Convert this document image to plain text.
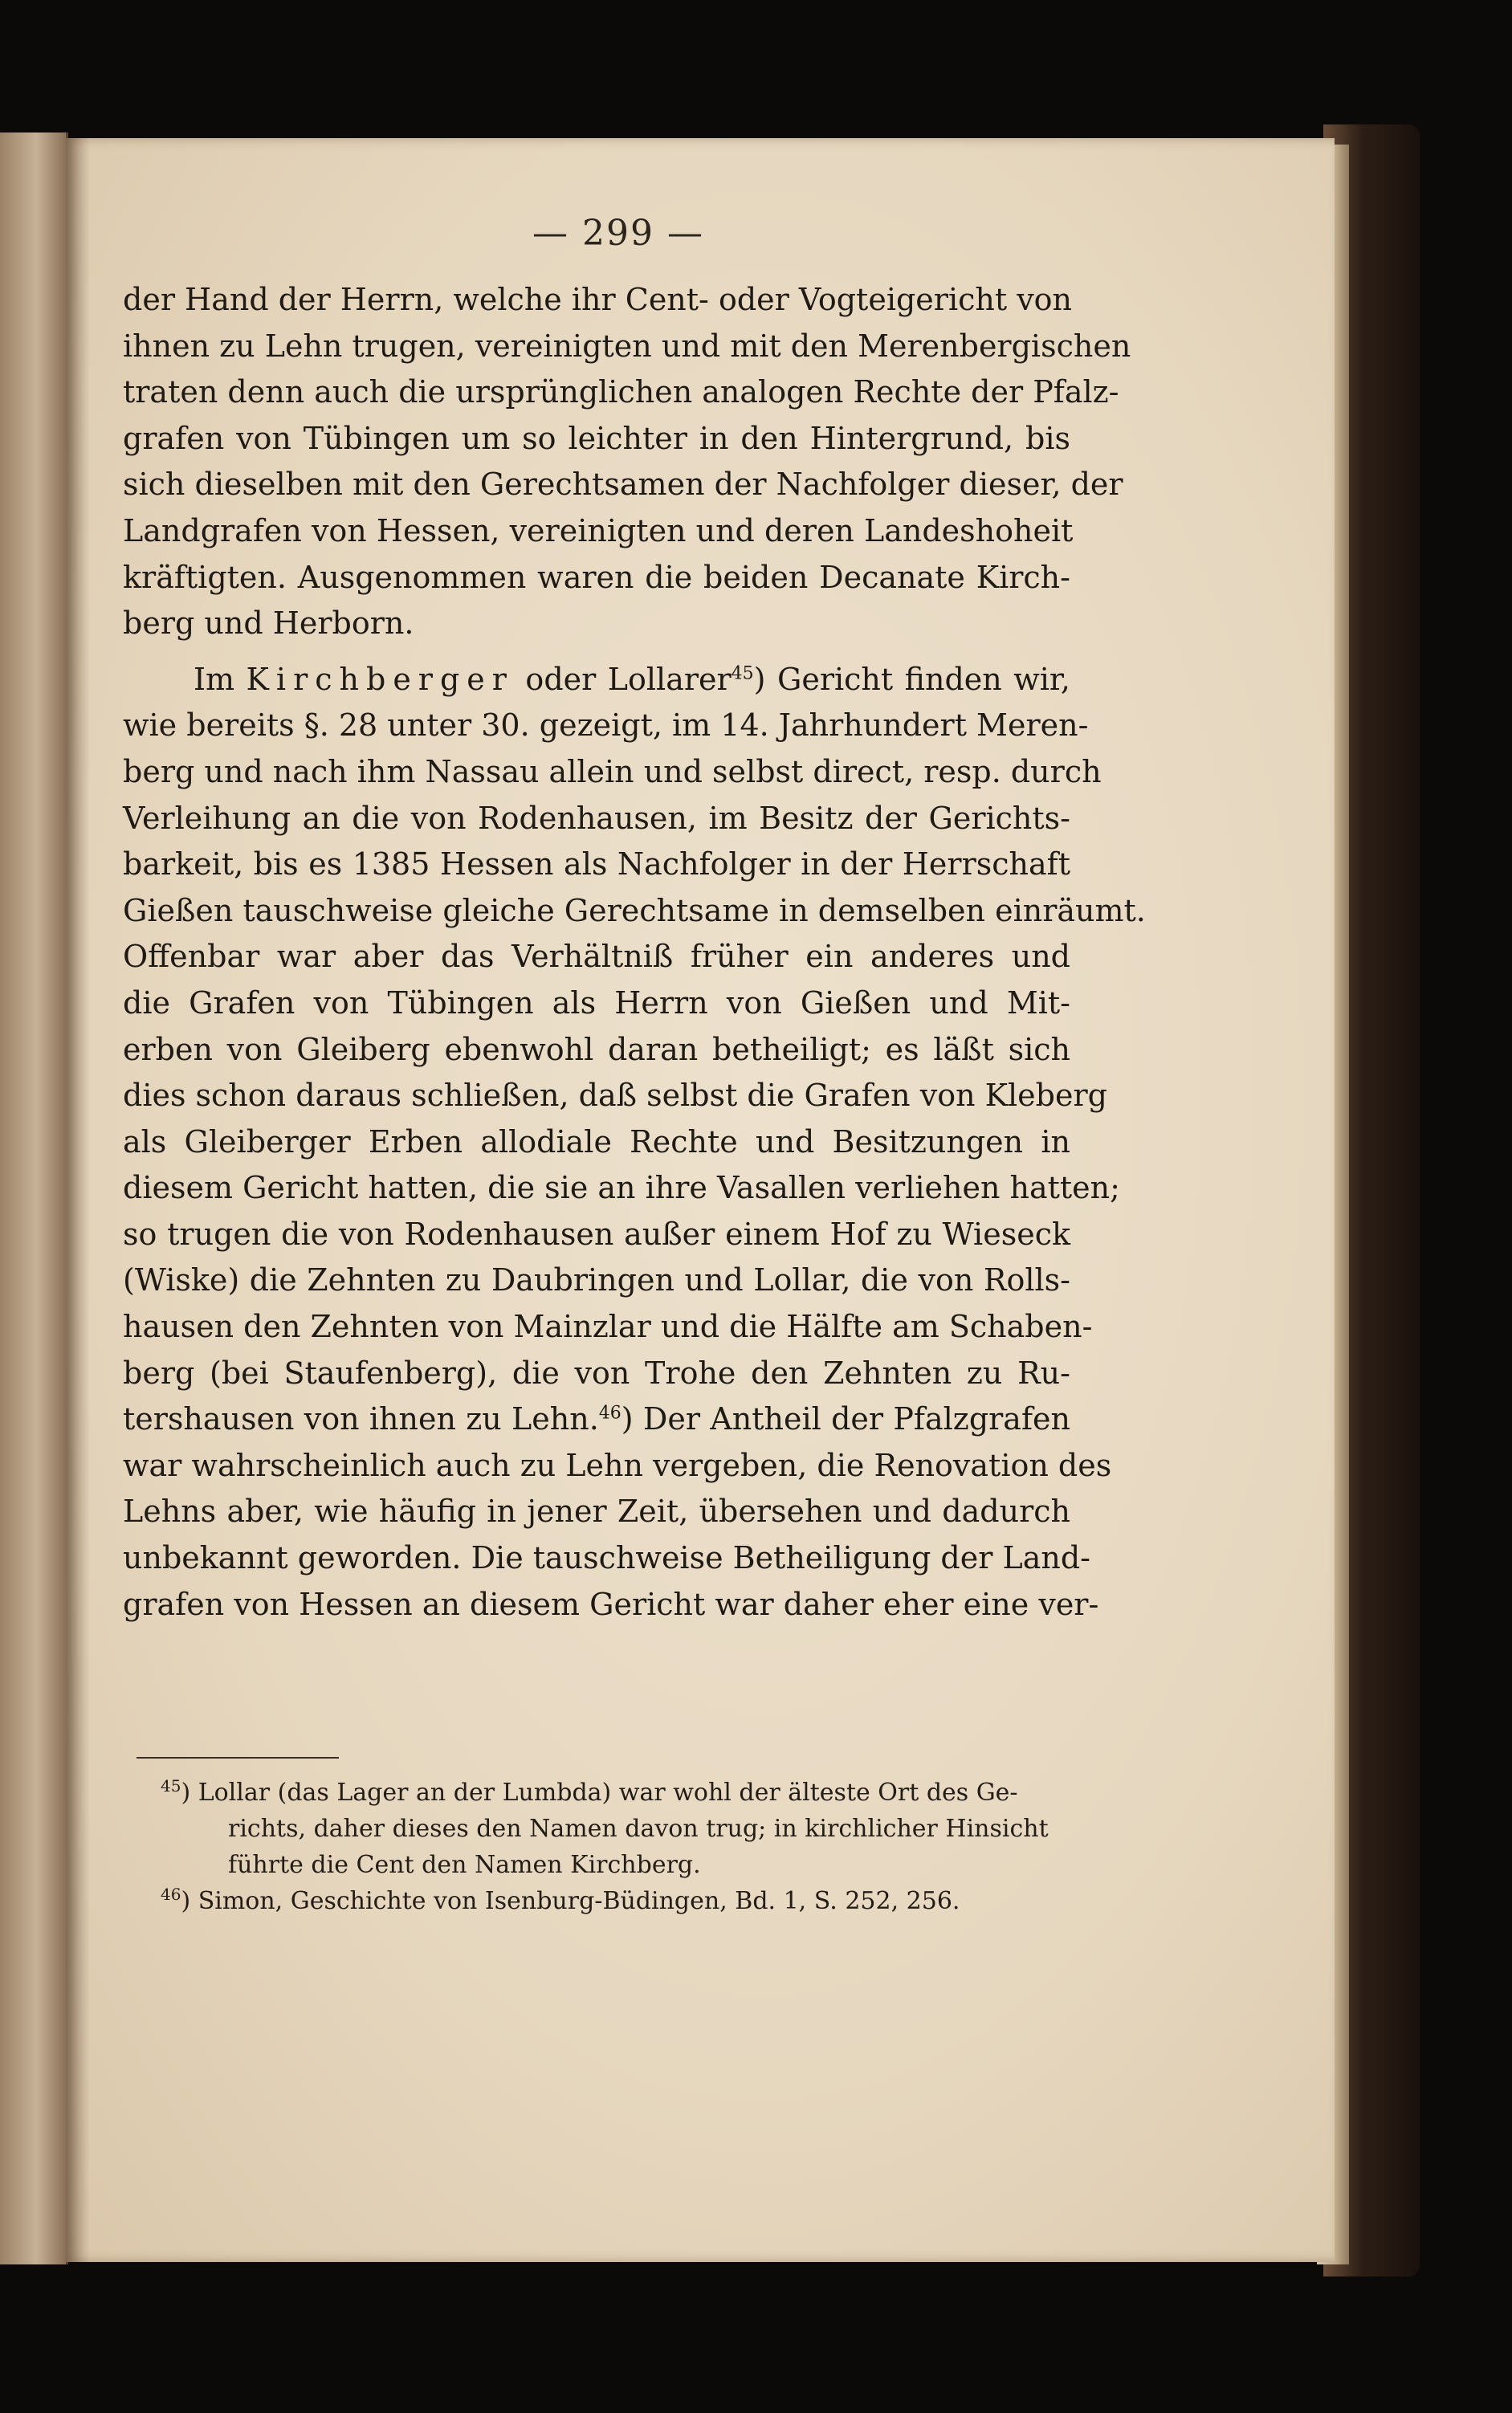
— 299 —
der Hand der Herrn, welche ihr Cent- oder Vogteigericht von
ihnen zu Lehn trugen, vereinigten und mit den Merenbergischen
traten denn auch die ursprünglichen analogen Rechte der Pfalz-
grafen von Tübingen um so leichter in den Hintergrund, bis
sich dieselben mit den Gerechtsamen der Nachfolger dieser, der
Landgrafen von Hessen, vereinigten und deren Landeshoheit
kräftigten. Ausgenommen waren die beiden Decanate Kirch-
berg und Herborn.
Im Kirchberger oder Lollarer$^{45}$) Gericht finden wir,
wie bereits §. 28 unter 30. gezeigt, im 14. Jahrhundert Meren-
berg und nach ihm Nassau allein und selbst direct, resp. durch
Verleihung an die von Rodenhausen, im Besitz der Gerichts-
barkeit, bis es 1385 Hessen als Nachfolger in der Herrschaft
Gießen tauschweise gleiche Gerechtsame in demselben einräumt.
Offenbar war aber das Verhältniß früher ein anderes und
die Grafen von Tübingen als Herrn von Gießen und Mit-
erben von Gleiberg ebenwohl daran betheiligt; es läßt sich
dies schon daraus schließen, daß selbst die Grafen von Kleberg
als Gleiberger Erben allodiale Rechte und Besitzungen in
diesem Gericht hatten, die sie an ihre Vasallen verliehen hatten;
so trugen die von Rodenhausen außer einem Hof zu Wieseck
(Wiske) die Zehnten zu Daubringen und Lollar, die von Rolls-
hausen den Zehnten von Mainzlar und die Hälfte am Schaben-
berg (bei Staufenberg), die von Trohe den Zehnten zu Ru-
tershausen von ihnen zu Lehn.$^{46}$) Der Antheil der Pfalzgrafen
war wahrscheinlich auch zu Lehn vergeben, die Renovation des
Lehns aber, wie häufig in jener Zeit, übersehen und dadurch
unbekannt geworden. Die tauschweise Betheiligung der Land-
grafen von Hessen an diesem Gericht war daher eher eine ver-
$^{45}$) Lollar (das Lager an der Lumbda) war wohl der älteste Ort des Ge-
richts, daher dieses den Namen davon trug; in kirchlicher Hinsicht
führte die Cent den Namen Kirchberg.
$^{46}$) Simon, Geschichte von Isenburg-Büdingen, Bd. 1, S. 252, 256.
